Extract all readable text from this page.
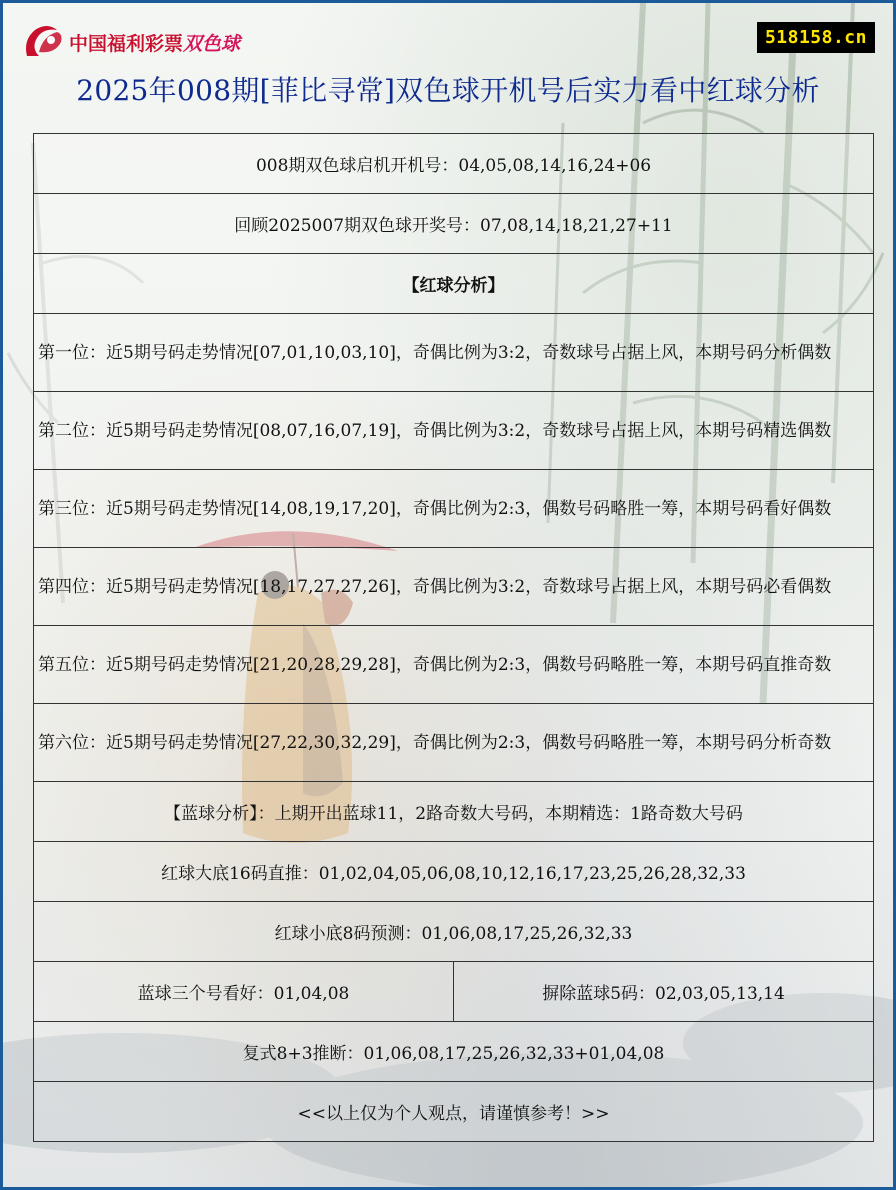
中国福利彩票双色球	518158.cn
2025年008期[菲比寻常]双色球开机号后实力看中红球分析
008期双色球启机开机号：04,05,08,14,16,24+06
回顾2025007期双色球开奖号：07,08,14,18,21,27+11
【红球分析】
第一位：近5期号码走势情况[07,01,10,03,10]，奇偶比例为3:2，奇数球号占据上风，本期号码分析偶数
第二位：近5期号码走势情况[08,07,16,07,19]，奇偶比例为3:2，奇数球号占据上风，本期号码精选偶数
第三位：近5期号码走势情况[14,08,19,17,20]，奇偶比例为2:3，偶数号码略胜一筹，本期号码看好偶数
第四位：近5期号码走势情况[18,17,27,27,26]，奇偶比例为3:2，奇数球号占据上风，本期号码必看偶数
第五位：近5期号码走势情况[21,20,28,29,28]，奇偶比例为2:3，偶数号码略胜一筹，本期号码直推奇数
第六位：近5期号码走势情况[27,22,30,32,29]，奇偶比例为2:3，偶数号码略胜一筹，本期号码分析奇数
【蓝球分析】：上期开出蓝球11，2路奇数大号码，本期精选：1路奇数大号码
红球大底16码直推：01,02,04,05,06,08,10,12,16,17,23,25,26,28,32,33
红球小底8码预测：01,06,08,17,25,26,32,33
蓝球三个号看好：01,04,08	摒除蓝球5码：02,03,05,13,14
复式8+3推断：01,06,08,17,25,26,32,33+01,04,08
<<以上仅为个人观点，请谨慎参考！>>
